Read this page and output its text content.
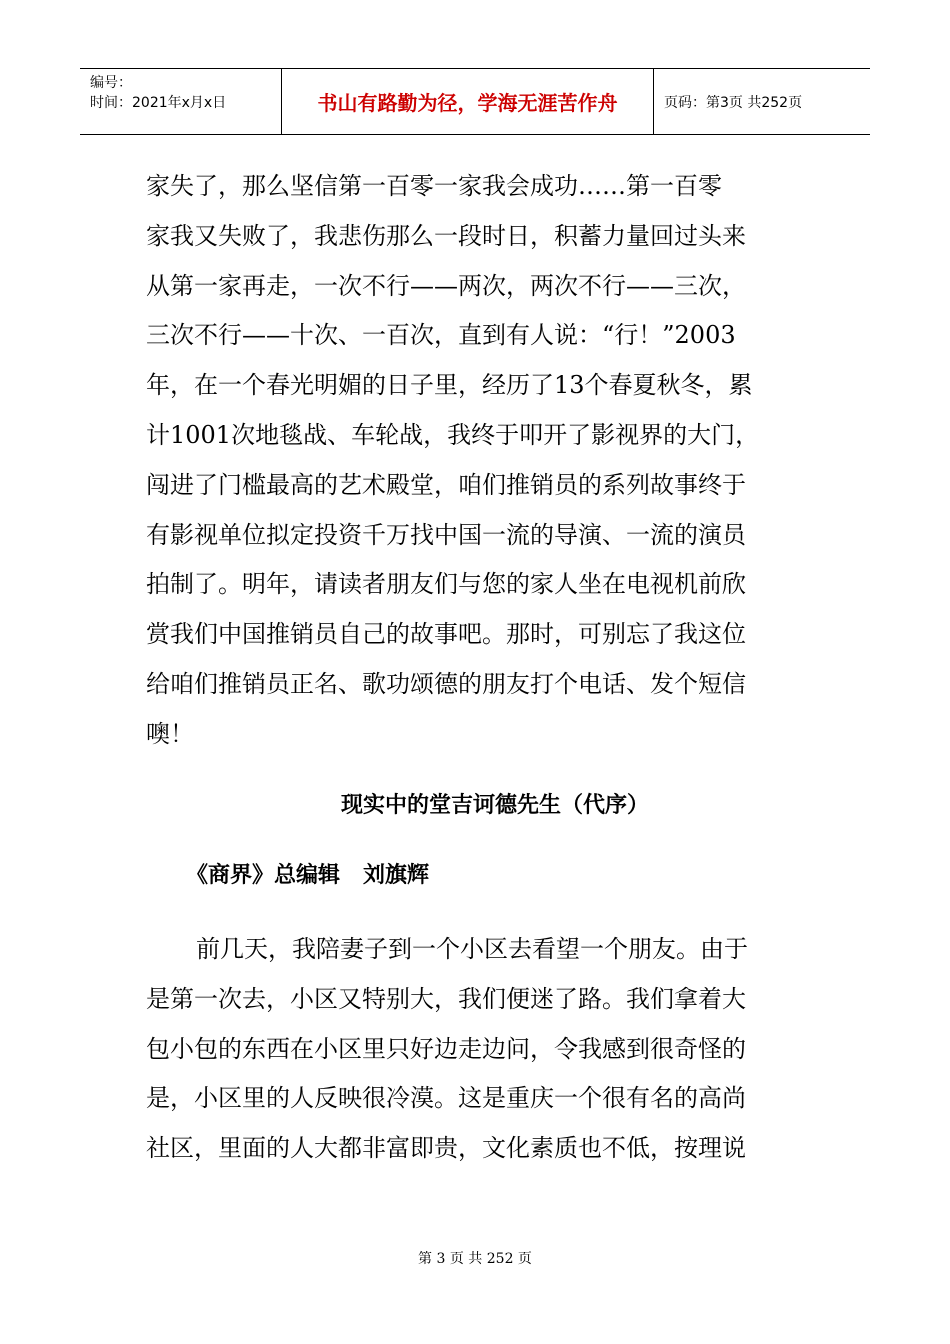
编号：
时间：2021年x月x日	书山有路勤为径，学海无涯苦作舟	页码：第3页 共252页
家失了，那么坚信第一百零一家我会成功……第一百零
家我又失败了，我悲伤那么一段时日，积蓄力量回过头来
从第一家再走，一次不行——两次，两次不行——三次，
三次不行——十次、一百次，直到有人说：“行！”2003
年，在一个春光明媚的日子里，经历了13个春夏秋冬，累
计1001次地毯战、车轮战，我终于叩开了影视界的大门，
闯进了门槛最高的艺术殿堂，咱们推销员的系列故事终于
有影视单位拟定投资千万找中国一流的导演、一流的演员
拍制了。明年，请读者朋友们与您的家人坐在电视机前欣
赏我们中国推销员自己的故事吧。那时，可别忘了我这位
给咱们推销员正名、歌功颂德的朋友打个电话、发个短信
噢！
现实中的堂吉诃德先生（代序）
《商界》总编辑   刘旗辉
前几天，我陪妻子到一个小区去看望一个朋友。由于
是第一次去，小区又特别大，我们便迷了路。我们拿着大
包小包的东西在小区里只好边走边问，令我感到很奇怪的
是，小区里的人反映很冷漠。这是重庆一个很有名的高尚
社区，里面的人大都非富即贵，文化素质也不低，按理说
第 3 页 共 252 页
